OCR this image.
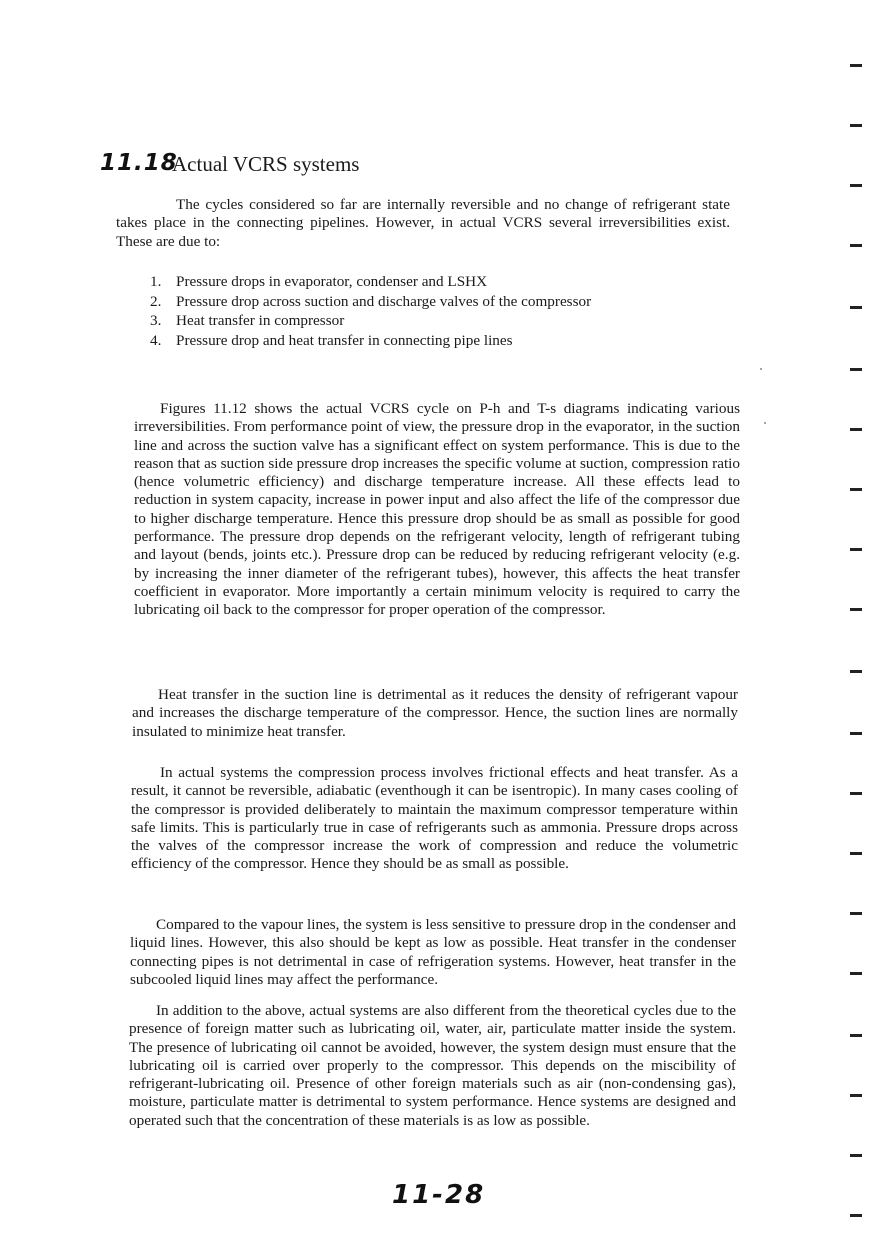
11.18
Actual VCRS systems

The cycles considered so far are internally reversible and no change of refrigerant state takes place in the connecting pipelines. However, in actual VCRS several irreversibilities exist. These are due to:

1. Pressure drops in evaporator, condenser and LSHX
2. Pressure drop across suction and discharge valves of the compressor
3. Heat transfer in compressor
4. Pressure drop and heat transfer in connecting pipe lines

Figures 11.12 shows the actual VCRS cycle on P-h and T-s diagrams indicating various irreversibilities. From performance point of view, the pressure drop in the evaporator, in the suction line and across the suction valve has a significant effect on system performance. This is due to the reason that as suction side pressure drop increases the specific volume at suction, compression ratio (hence volumetric efficiency) and discharge temperature increase. All these effects lead to reduction in system capacity, increase in power input and also affect the life of the compressor due to higher discharge temperature. Hence this pressure drop should be as small as possible for good performance. The pressure drop depends on the refrigerant velocity, length of refrigerant tubing and layout (bends, joints etc.). Pressure drop can be reduced by reducing refrigerant velocity (e.g. by increasing the inner diameter of the refrigerant tubes), however, this affects the heat transfer coefficient in evaporator. More importantly a certain minimum velocity is required to carry the lubricating oil back to the compressor for proper operation of the compressor.

Heat transfer in the suction line is detrimental as it reduces the density of refrigerant vapour and increases the discharge temperature of the compressor. Hence, the suction lines are normally insulated to minimize heat transfer.

In actual systems the compression process involves frictional effects and heat transfer. As a result, it cannot be reversible, adiabatic (eventhough it can be isentropic). In many cases cooling of the compressor is provided deliberately to maintain the maximum compressor temperature within safe limits. This is particularly true in case of refrigerants such as ammonia. Pressure drops across the valves of the compressor increase the work of compression and reduce the volumetric efficiency of the compressor. Hence they should be as small as possible.

Compared to the vapour lines, the system is less sensitive to pressure drop in the condenser and liquid lines. However, this also should be kept as low as possible. Heat transfer in the condenser connecting pipes is not detrimental in case of refrigeration systems. However, heat transfer in the subcooled liquid lines may affect the performance.

In addition to the above, actual systems are also different from the theoretical cycles due to the presence of foreign matter such as lubricating oil, water, air, particulate matter inside the system. The presence of lubricating oil cannot be avoided, however, the system design must ensure that the lubricating oil is carried over properly to the compressor. This depends on the miscibility of refrigerant-lubricating oil. Presence of other foreign materials such as air (non-condensing gas), moisture, particulate matter is detrimental to system performance. Hence systems are designed and operated such that the concentration of these materials is as low as possible.

11-28
